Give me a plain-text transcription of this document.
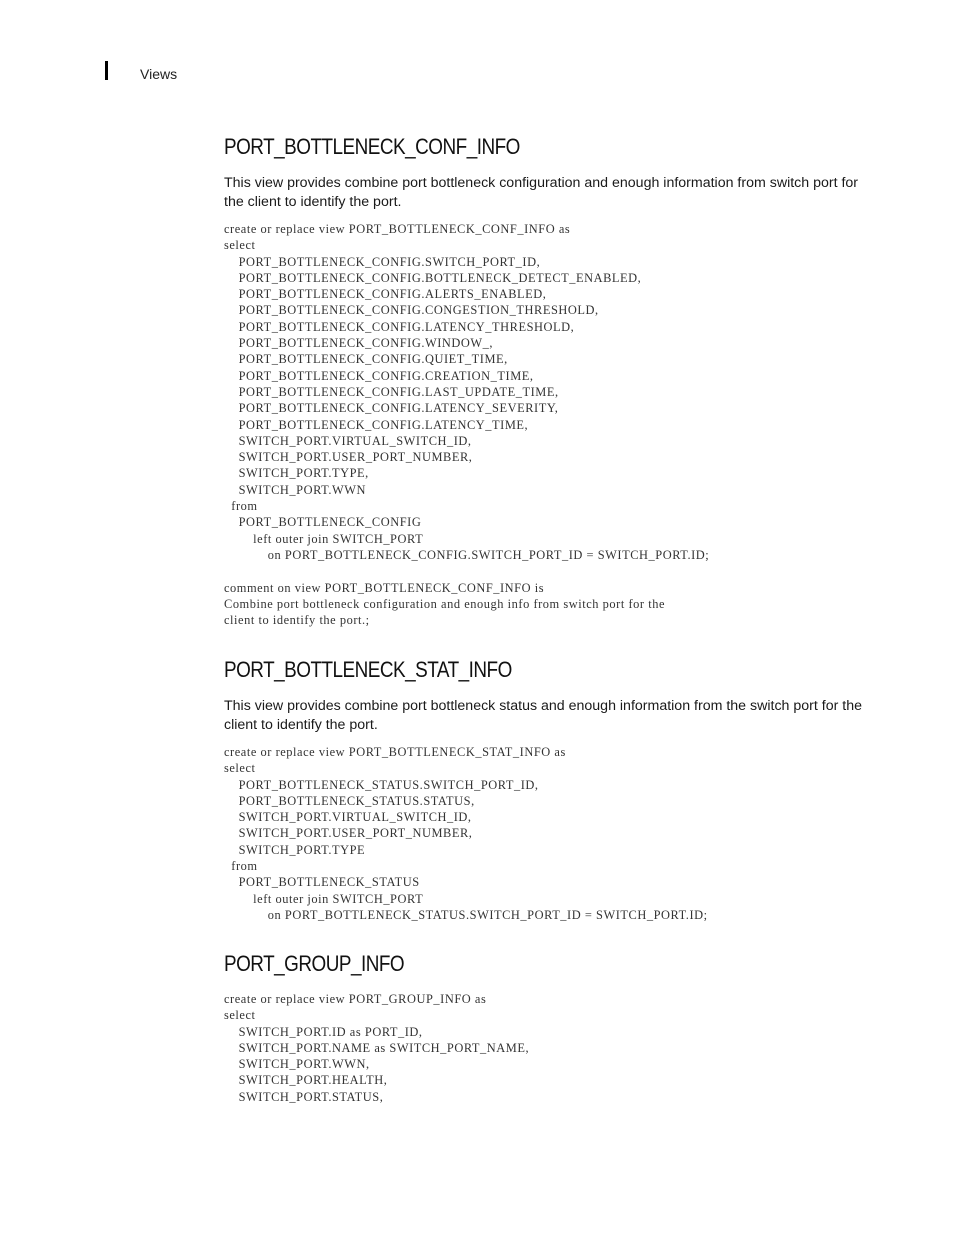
Views
PORT_BOTTLENECK_CONF_INFO

This view provides combine port bottleneck configuration and enough information from switch port for the client to identify the port.

create or replace view PORT_BOTTLENECK_CONF_INFO as
select
PORT_BOTTLENECK_CONFIG.SWITCH_PORT_ID,
PORT_BOTTLENECK_CONFIG.BOTTLENECK_DETECT_ENABLED,
PORT_BOTTLENECK_CONFIG.ALERTS_ENABLED,
PORT_BOTTLENECK_CONFIG.CONGESTION_THRESHOLD,
PORT_BOTTLENECK_CONFIG.LATENCY_THRESHOLD,
PORT_BOTTLENECK_CONFIG.WINDOW_,
PORT_BOTTLENECK_CONFIG.QUIET_TIME,
PORT_BOTTLENECK_CONFIG.CREATION_TIME,
PORT_BOTTLENECK_CONFIG.LAST_UPDATE_TIME,
PORT_BOTTLENECK_CONFIG.LATENCY_SEVERITY,
PORT_BOTTLENECK_CONFIG.LATENCY_TIME,
SWITCH_PORT.VIRTUAL_SWITCH_ID,
SWITCH_PORT.USER_PORT_NUMBER,
SWITCH_PORT.TYPE,
SWITCH_PORT.WWN
from
PORT_BOTTLENECK_CONFIG
left outer join SWITCH_PORT
on PORT_BOTTLENECK_CONFIG.SWITCH_PORT_ID = SWITCH_PORT.ID;

comment on view PORT_BOTTLENECK_CONF_INFO is
Combine port bottleneck configuration and enough info from switch port for the
client to identify the port.;
PORT_BOTTLENECK_STAT_INFO

This view provides combine port bottleneck status and enough information from the switch port for the client to identify the port.

create or replace view PORT_BOTTLENECK_STAT_INFO as
select
PORT_BOTTLENECK_STATUS.SWITCH_PORT_ID,
PORT_BOTTLENECK_STATUS.STATUS,
SWITCH_PORT.VIRTUAL_SWITCH_ID,
SWITCH_PORT.USER_PORT_NUMBER,
SWITCH_PORT.TYPE
from
PORT_BOTTLENECK_STATUS
left outer join SWITCH_PORT
on PORT_BOTTLENECK_STATUS.SWITCH_PORT_ID = SWITCH_PORT.ID;
PORT_GROUP_INFO
create or replace view PORT_GROUP_INFO as
select
SWITCH_PORT.ID as PORT_ID,
SWITCH_PORT.NAME as SWITCH_PORT_NAME,
SWITCH_PORT.WWN,
SWITCH_PORT.HEALTH,
SWITCH_PORT.STATUS,
